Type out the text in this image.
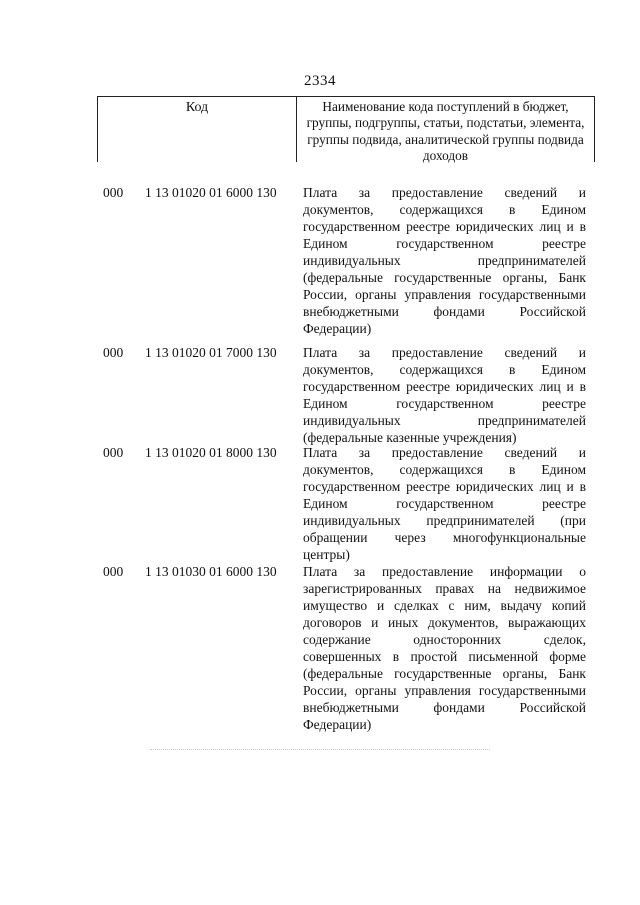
2334
Код	Наименование кода поступлений в бюджет, группы, подгруппы, статьи, подстатьи, элемента, группы подвида, аналитической группы подвида доходов
000 1 13 01020 01 6000 130 Плата за предоставление сведений и документов, содержащихся в Едином государственном реестре юридических лиц и в Едином государственном реестре индивидуальных предпринимателей (федеральные государственные органы, Банк России, органы управления государственными внебюджетными фондами Российской Федерации)
000 1 13 01020 01 7000 130 Плата за предоставление сведений и документов, содержащихся в Едином государственном реестре юридических лиц и в Едином государственном реестре индивидуальных предпринимателей (федеральные казенные учреждения)
000 1 13 01020 01 8000 130 Плата за предоставление сведений и документов, содержащихся в Едином государственном реестре юридических лиц и в Едином государственном реестре индивидуальных предпринимателей (при обращении через многофункциональные центры)
000 1 13 01030 01 6000 130 Плата за предоставление информации о зарегистрированных правах на недвижимое имущество и сделках с ним, выдачу копий договоров и иных документов, выражающих содержание односторонних сделок, совершенных в простой письменной форме (федеральные государственные органы, Банк России, органы управления государственными внебюджетными фондами Российской Федерации)
